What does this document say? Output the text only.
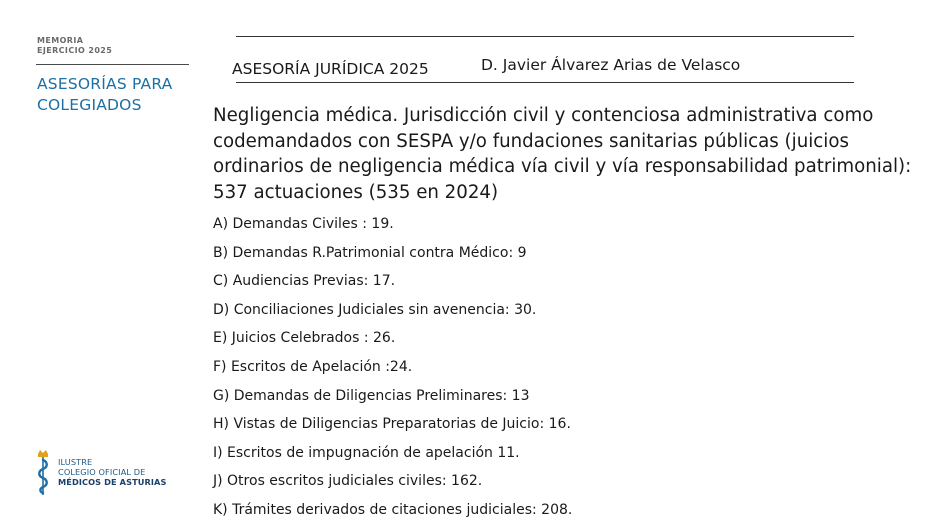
MEMORIA
EJERCICIO 2025
ASESORÍAS PARA COLEGIADOS
ASESORÍA JURÍDICA 2025	D. Javier Álvarez Arias de Velasco
Negligencia médica. Jurisdicción civil y contenciosa administrativa como codemandados con SESPA y/o fundaciones sanitarias públicas (juicios ordinarios de negligencia médica vía civil y vía responsabilidad patrimonial): 537 actuaciones (535 en 2024)
A) Demandas Civiles : 19.
B) Demandas R.Patrimonial contra Médico: 9
C) Audiencias Previas: 17.
D) Conciliaciones Judiciales sin avenencia: 30.
E) Juicios Celebrados : 26.
F) Escritos de Apelación :24.
G) Demandas de Diligencias Preliminares: 13
H) Vistas de Diligencias Preparatorias de Juicio: 16.
I) Escritos de impugnación de apelación 11.
J) Otros escritos judiciales civiles: 162.
K) Trámites derivados de citaciones judiciales: 208.
ILUSTRE
COLEGIO OFICIAL DE
MÉDICOS DE ASTURIAS
